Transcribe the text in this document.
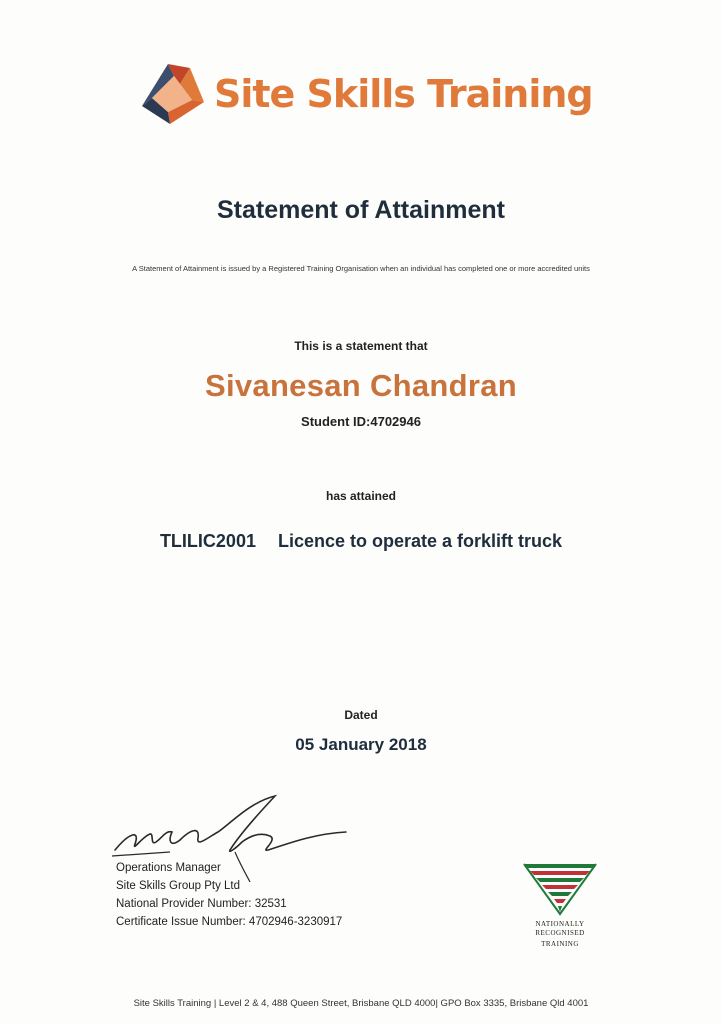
Site Skills Training
Statement of Attainment
A Statement of Attainment is issued by a Registered Training Organisation when an individual has completed one or more accredited units
This is a statement that
Sivanesan Chandran
Student ID:4702946
has attained
TLILIC2001 Licence to operate a forklift truck
Dated
05 January 2018
Operations Manager
Site Skills Group Pty Ltd
National Provider Number: 32531
Certificate Issue Number: 4702946-3230917	NATIONALLY RECOGNISED
TRAINING
Site Skills Training | Level 2 & 4, 488 Queen Street, Brisbane QLD 4000| GPO Box 3335, Brisbane Qld 4001
